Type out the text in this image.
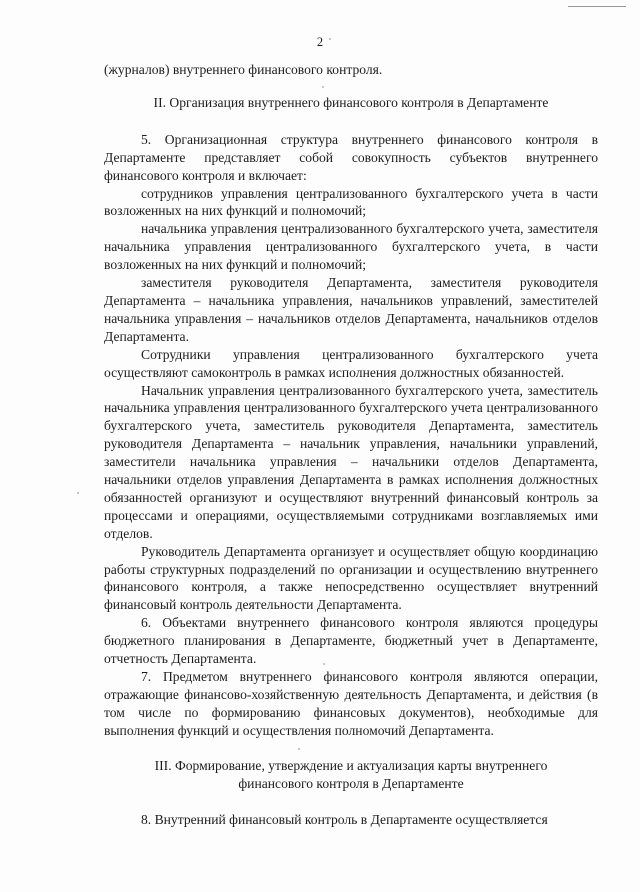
2

(журналов) внутреннего финансового контроля.

II. Организация внутреннего финансового контроля в Департаменте

5. Организационная структура внутреннего финансового контроля в Департаменте представляет собой совокупность субъектов внутреннего финансового контроля и включает:

сотрудников управления централизованного бухгалтерского учета в части возложенных на них функций и полномочий;

начальника управления централизованного бухгалтерского учета, заместителя начальника управления централизованного бухгалтерского учета, в части возложенных на них функций и полномочий;

заместителя руководителя Департамента, заместителя руководителя Департамента – начальника управления, начальников управлений, заместителей начальника управления – начальников отделов Департамента, начальников отделов Департамента.

Сотрудники управления централизованного бухгалтерского учета осуществляют самоконтроль в рамках исполнения должностных обязанностей.

Начальник управления централизованного бухгалтерского учета, заместитель начальника управления централизованного бухгалтерского учета централизованного бухгалтерского учета, заместитель руководителя Департамента, заместитель руководителя Департамента – начальник управления, начальники управлений, заместители начальника управления – начальники отделов Департамента, начальники отделов управления Департамента в рамках исполнения должностных обязанностей организуют и осуществляют внутренний финансовый контроль за процессами и операциями, осуществляемыми сотрудниками возглавляемых ими отделов.

Руководитель Департамента организует и осуществляет общую координацию работы структурных подразделений по организации и осуществлению внутреннего финансового контроля, а также непосредственно осуществляет внутренний финансовый контроль деятельности Департамента.

6. Объектами внутреннего финансового контроля являются процедуры бюджетного планирования в Департаменте, бюджетный учет в Департаменте, отчетность Департамента.

7. Предметом внутреннего финансового контроля являются операции, отражающие финансово-хозяйственную деятельность Департамента, и действия (в том числе по формированию финансовых документов), необходимые для выполнения функций и осуществления полномочий Департамента.

III. Формирование, утверждение и актуализация карты внутреннего
финансового контроля в Департаменте

8. Внутренний финансовый контроль в Департаменте осуществляется
